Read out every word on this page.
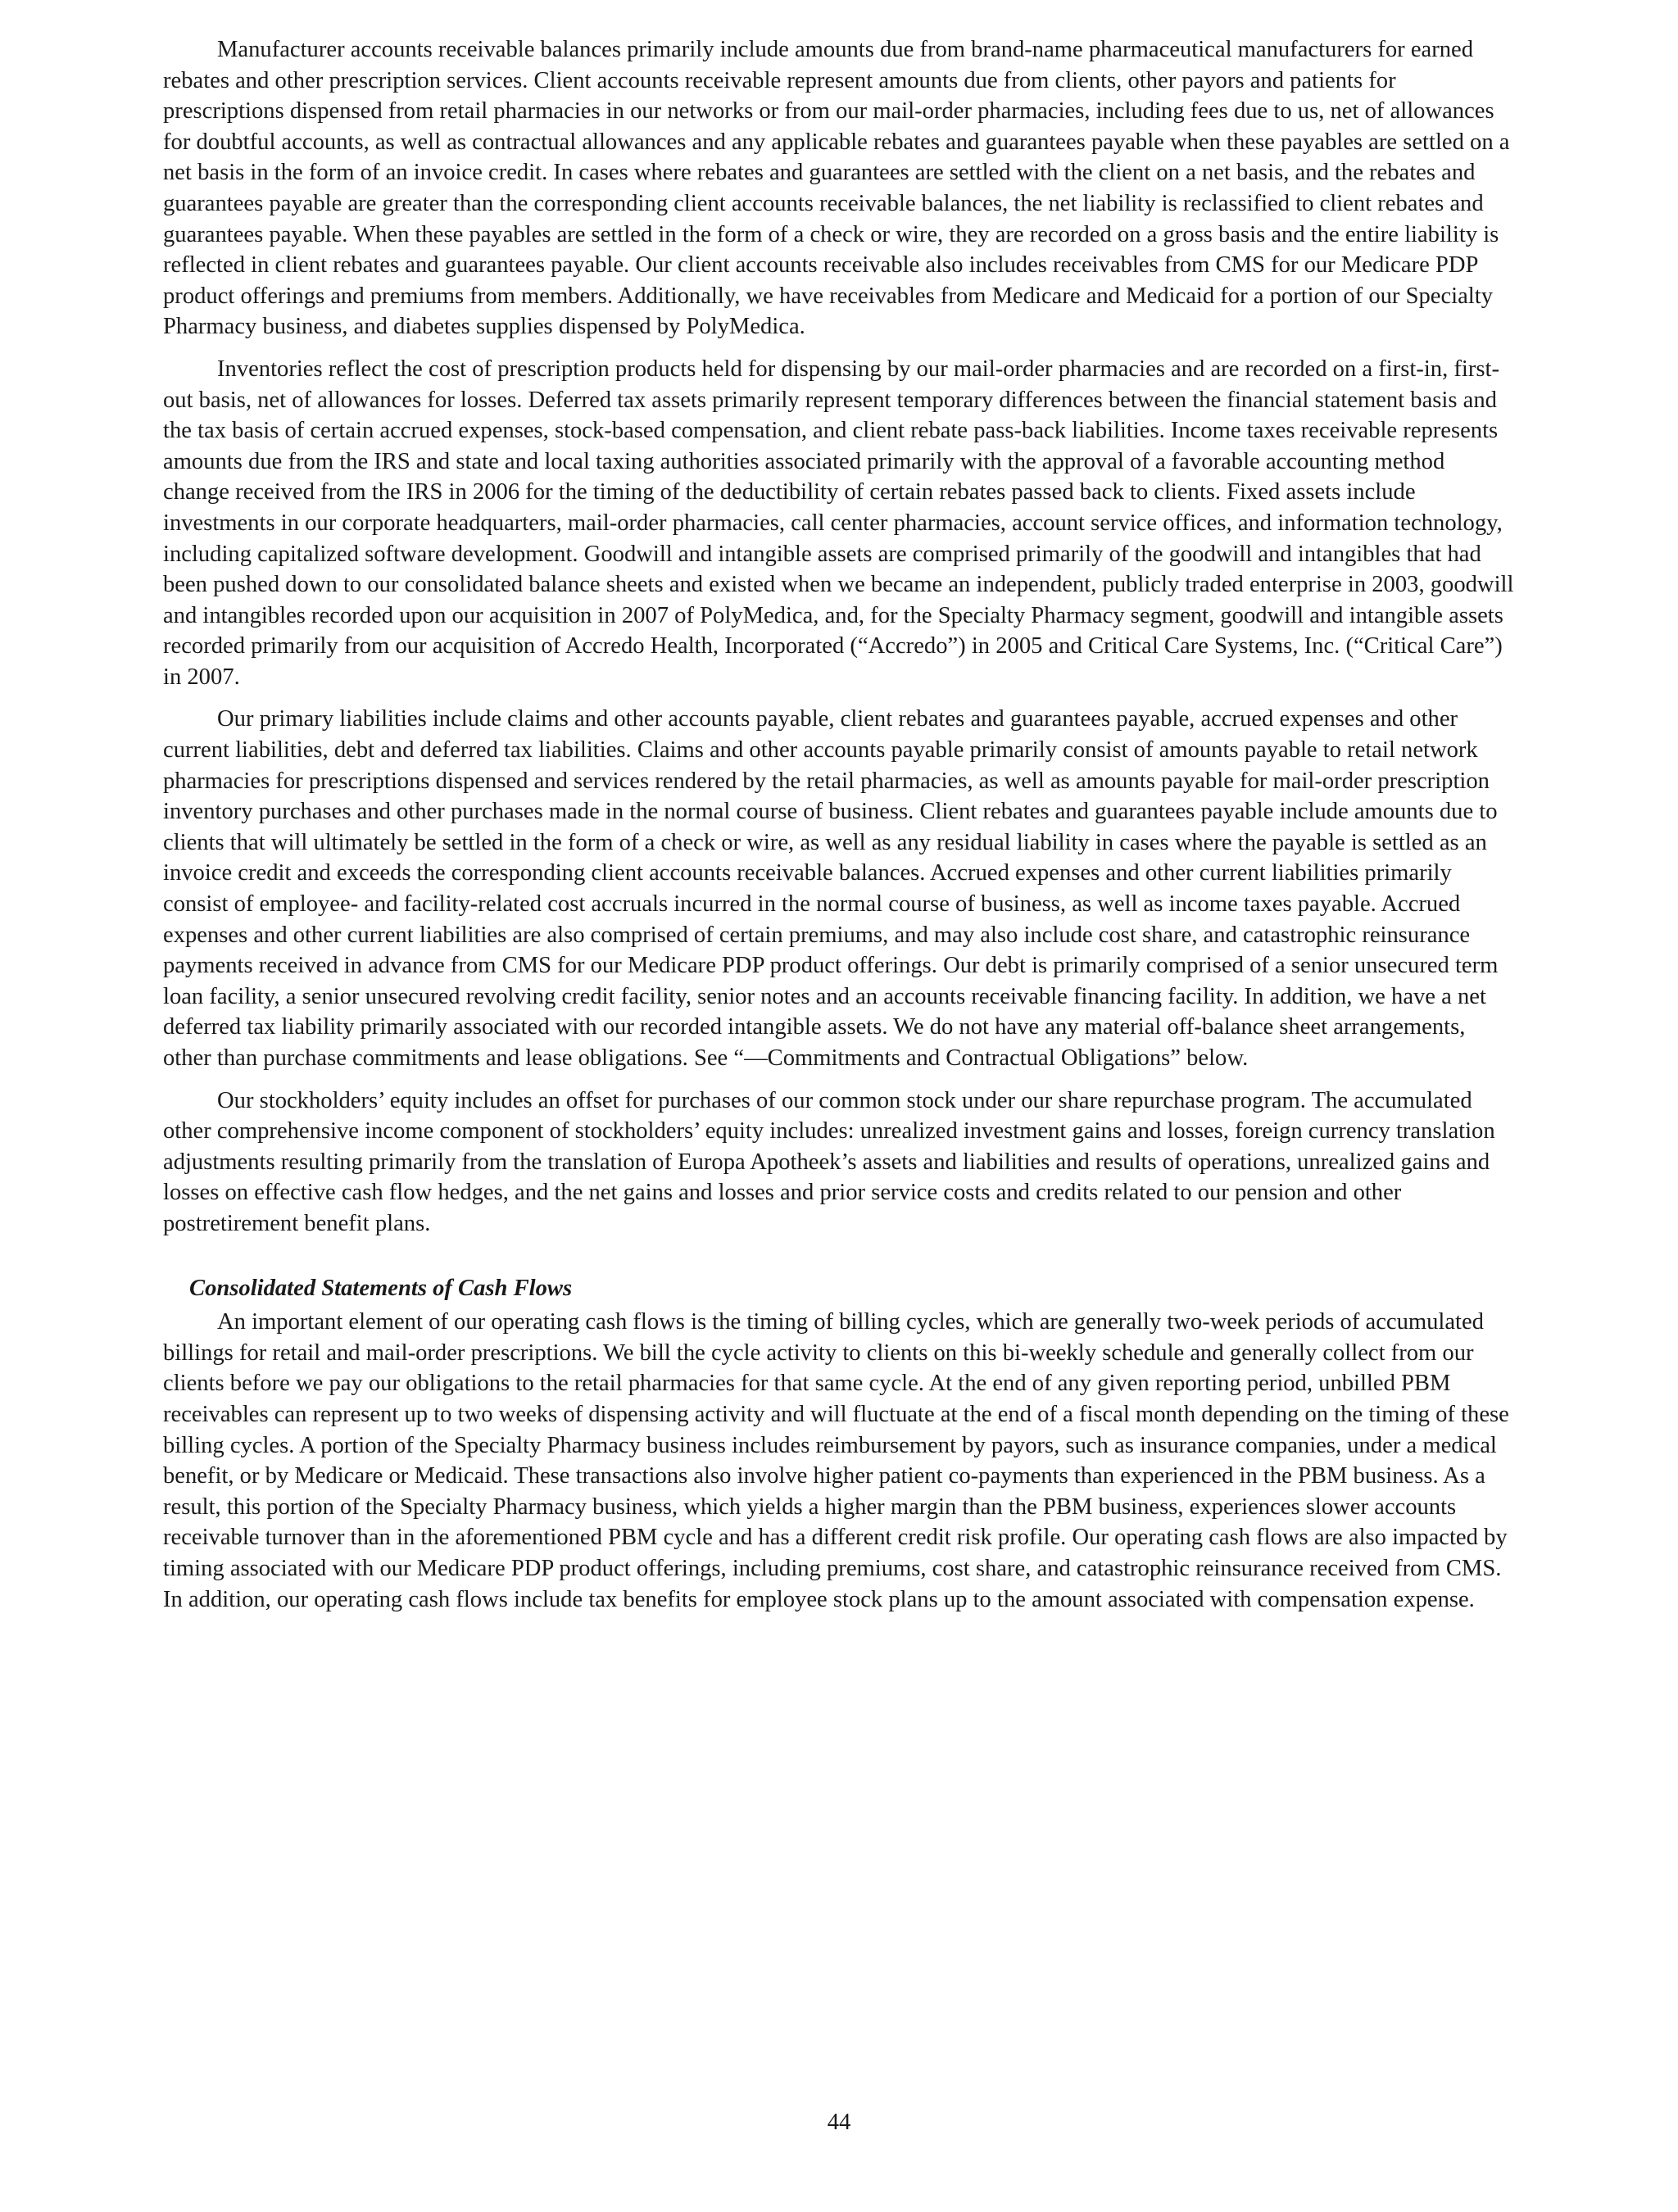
Manufacturer accounts receivable balances primarily include amounts due from brand-name pharmaceutical manufacturers for earned rebates and other prescription services. Client accounts receivable represent amounts due from clients, other payors and patients for prescriptions dispensed from retail pharmacies in our networks or from our mail-order pharmacies, including fees due to us, net of allowances for doubtful accounts, as well as contractual allowances and any applicable rebates and guarantees payable when these payables are settled on a net basis in the form of an invoice credit. In cases where rebates and guarantees are settled with the client on a net basis, and the rebates and guarantees payable are greater than the corresponding client accounts receivable balances, the net liability is reclassified to client rebates and guarantees payable. When these payables are settled in the form of a check or wire, they are recorded on a gross basis and the entire liability is reflected in client rebates and guarantees payable. Our client accounts receivable also includes receivables from CMS for our Medicare PDP product offerings and premiums from members. Additionally, we have receivables from Medicare and Medicaid for a portion of our Specialty Pharmacy business, and diabetes supplies dispensed by PolyMedica.

Inventories reflect the cost of prescription products held for dispensing by our mail-order pharmacies and are recorded on a first-in, first-out basis, net of allowances for losses. Deferred tax assets primarily represent temporary differences between the financial statement basis and the tax basis of certain accrued expenses, stock-based compensation, and client rebate pass-back liabilities. Income taxes receivable represents amounts due from the IRS and state and local taxing authorities associated primarily with the approval of a favorable accounting method change received from the IRS in 2006 for the timing of the deductibility of certain rebates passed back to clients. Fixed assets include investments in our corporate headquarters, mail-order pharmacies, call center pharmacies, account service offices, and information technology, including capitalized software development. Goodwill and intangible assets are comprised primarily of the goodwill and intangibles that had been pushed down to our consolidated balance sheets and existed when we became an independent, publicly traded enterprise in 2003, goodwill and intangibles recorded upon our acquisition in 2007 of PolyMedica, and, for the Specialty Pharmacy segment, goodwill and intangible assets recorded primarily from our acquisition of Accredo Health, Incorporated (“Accredo”) in 2005 and Critical Care Systems, Inc. (“Critical Care”) in 2007.

Our primary liabilities include claims and other accounts payable, client rebates and guarantees payable, accrued expenses and other current liabilities, debt and deferred tax liabilities. Claims and other accounts payable primarily consist of amounts payable to retail network pharmacies for prescriptions dispensed and services rendered by the retail pharmacies, as well as amounts payable for mail-order prescription inventory purchases and other purchases made in the normal course of business. Client rebates and guarantees payable include amounts due to clients that will ultimately be settled in the form of a check or wire, as well as any residual liability in cases where the payable is settled as an invoice credit and exceeds the corresponding client accounts receivable balances. Accrued expenses and other current liabilities primarily consist of employee- and facility-related cost accruals incurred in the normal course of business, as well as income taxes payable. Accrued expenses and other current liabilities are also comprised of certain premiums, and may also include cost share, and catastrophic reinsurance payments received in advance from CMS for our Medicare PDP product offerings. Our debt is primarily comprised of a senior unsecured term loan facility, a senior unsecured revolving credit facility, senior notes and an accounts receivable financing facility. In addition, we have a net deferred tax liability primarily associated with our recorded intangible assets. We do not have any material off-balance sheet arrangements, other than purchase commitments and lease obligations. See “—Commitments and Contractual Obligations” below.

Our stockholders’ equity includes an offset for purchases of our common stock under our share repurchase program. The accumulated other comprehensive income component of stockholders’ equity includes: unrealized investment gains and losses, foreign currency translation adjustments resulting primarily from the translation of Europa Apotheek’s assets and liabilities and results of operations, unrealized gains and losses on effective cash flow hedges, and the net gains and losses and prior service costs and credits related to our pension and other postretirement benefit plans.

Consolidated Statements of Cash Flows

An important element of our operating cash flows is the timing of billing cycles, which are generally two-week periods of accumulated billings for retail and mail-order prescriptions. We bill the cycle activity to clients on this bi-weekly schedule and generally collect from our clients before we pay our obligations to the retail pharmacies for that same cycle. At the end of any given reporting period, unbilled PBM receivables can represent up to two weeks of dispensing activity and will fluctuate at the end of a fiscal month depending on the timing of these billing cycles. A portion of the Specialty Pharmacy business includes reimbursement by payors, such as insurance companies, under a medical benefit, or by Medicare or Medicaid. These transactions also involve higher patient co-payments than experienced in the PBM business. As a result, this portion of the Specialty Pharmacy business, which yields a higher margin than the PBM business, experiences slower accounts receivable turnover than in the aforementioned PBM cycle and has a different credit risk profile. Our operating cash flows are also impacted by timing associated with our Medicare PDP product offerings, including premiums, cost share, and catastrophic reinsurance received from CMS. In addition, our operating cash flows include tax benefits for employee stock plans up to the amount associated with compensation expense.

44
